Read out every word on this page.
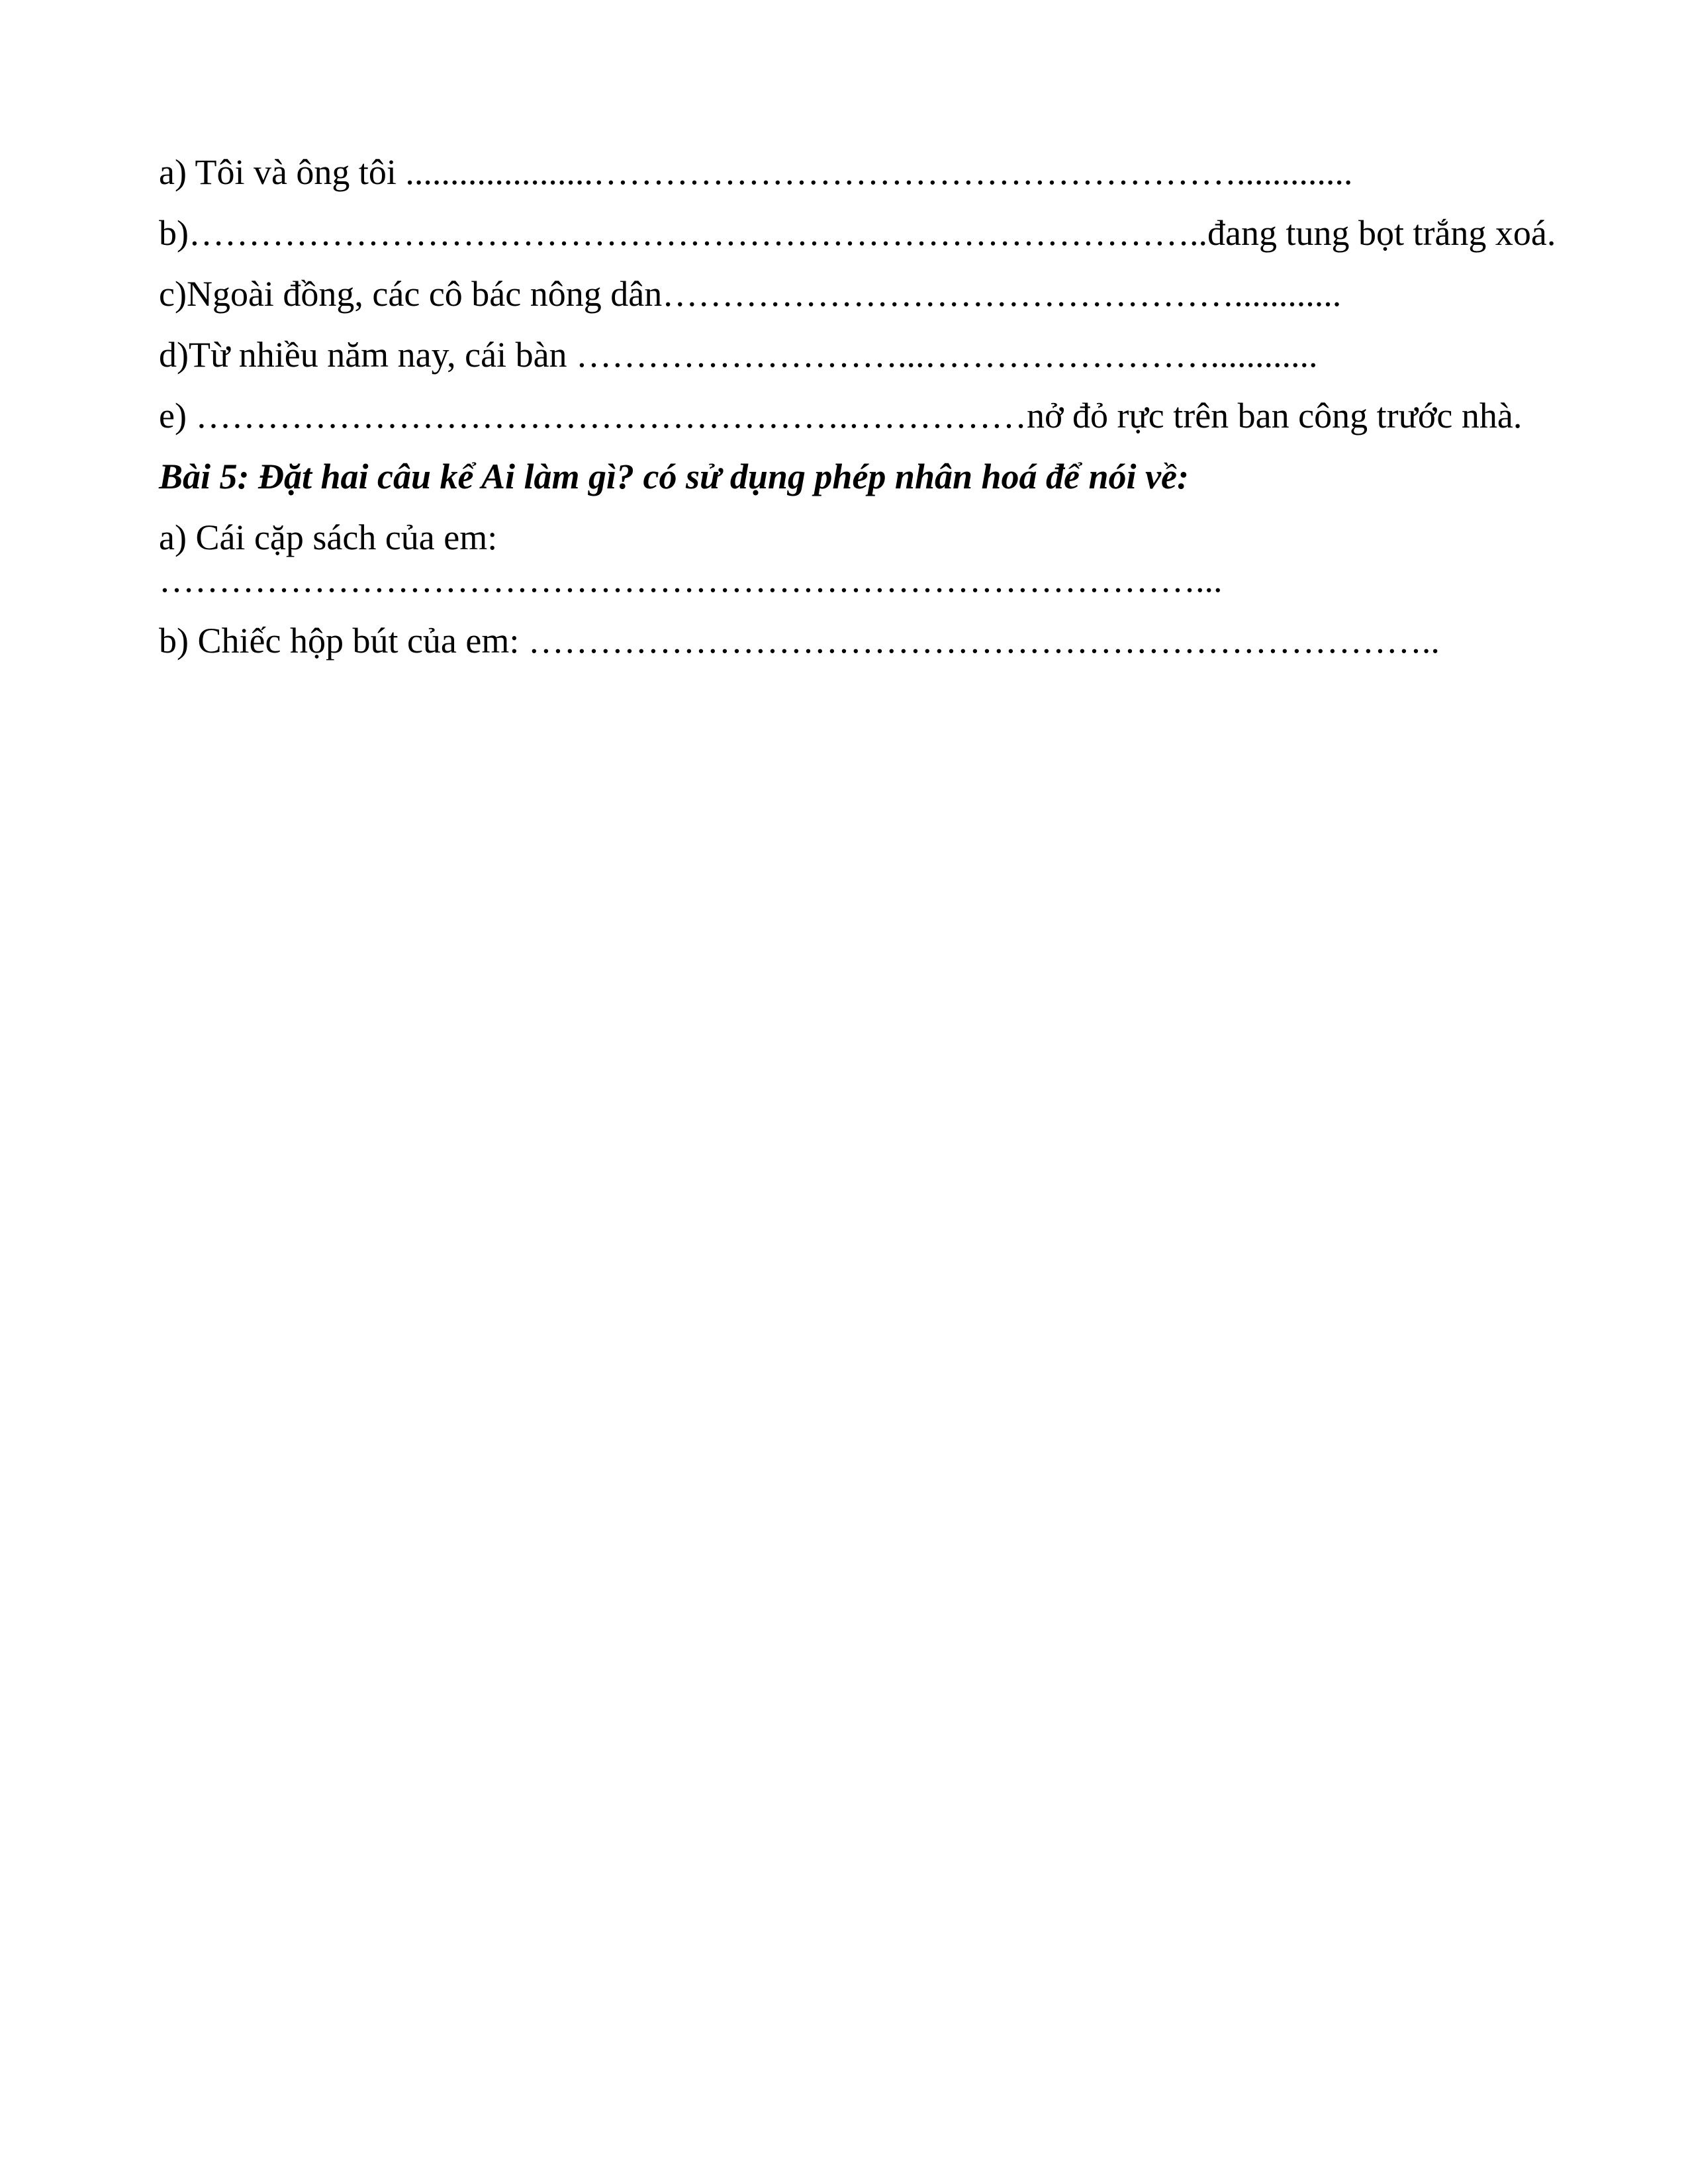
a) Tôi và ông tôi .....................……………………………………………….............

b)…………………………………………………………………………..đang tung bọt trắng xoá.

c)Ngoài đồng, các cô bác nông dân…………………………………………............

d)Từ nhiều năm nay, cái bàn ………………………...……………………............

e) ……………………………………………….……………nở đỏ rực trên ban công trước nhà.

Bài 5: Đặt hai câu kể Ai làm gì? có sử dụng phép nhân hoá để nói về:

a) Cái cặp sách của em:

……………………………………………………………………………...

b) Chiếc hộp bút của em: …………………………………………………………………..
